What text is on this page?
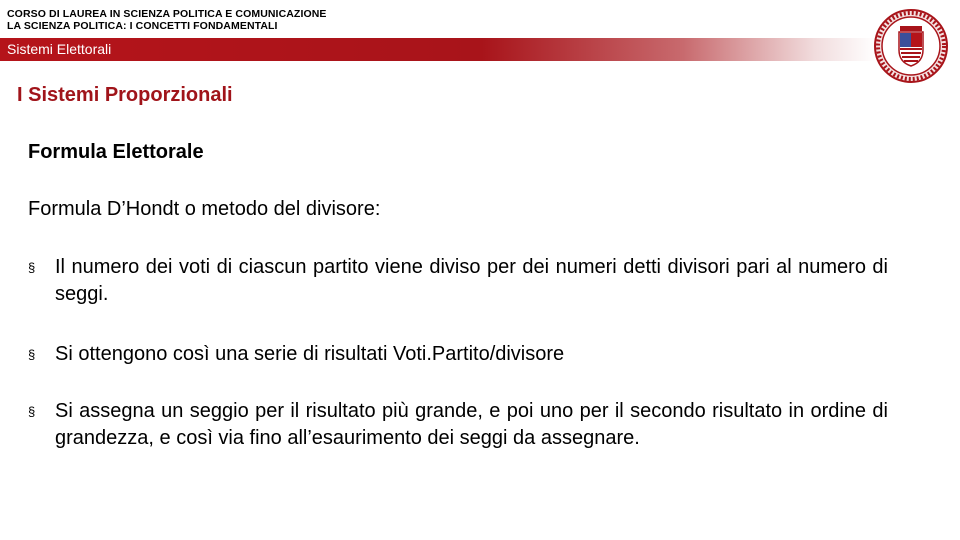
CORSO DI LAUREA IN SCIENZA POLITICA E COMUNICAZIONE
LA SCIENZA POLITICA: I CONCETTI FONDAMENTALI
Sistemi Elettorali
I Sistemi Proporzionali
Formula Elettorale
Formula D’Hondt o metodo del divisore:
§ Il numero dei voti di ciascun partito viene diviso per dei numeri detti divisori pari al numero di seggi.
§ Si ottengono così una serie di risultati Voti.Partito/divisore
§ Si assegna un seggio per il risultato più grande, e poi uno per il secondo risultato in ordine di grandezza, e così via fino all’esaurimento dei seggi da assegnare.
